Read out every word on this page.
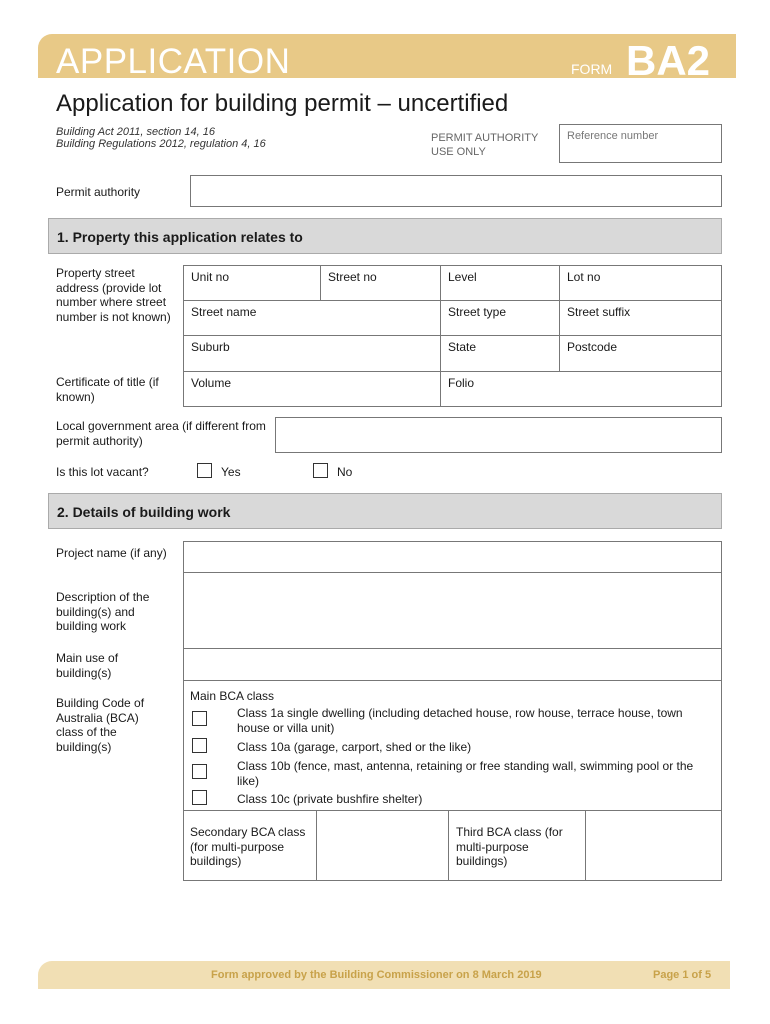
APPLICATION	FORM BA2
Application for building permit – uncertified
Building Act 2011, section 14, 16
Building Regulations 2012, regulation 4, 16	PERMIT AUTHORITY USE ONLY
Reference number
Permit authority
1. Property this application relates to
Property street address (provide lot number where street number is not known)
Unit no	Street no	Level	Lot no
Street name	Street type	Street suffix
Suburb	State	Postcode
Certificate of title (if known)
Volume	Folio
Local government area (if different from permit authority)
Is this lot vacant?	Yes	No
2. Details of building work
Project name (if any)
Description of the building(s) and building work
Main use of building(s)
Building Code of Australia (BCA) class of the building(s)
Main BCA class
Class 1a single dwelling (including detached house, row house, terrace house, town house or villa unit)
Class 10a (garage, carport, shed or the like)
Class 10b (fence, mast, antenna, retaining or free standing wall, swimming pool or the like)
Class 10c (private bushfire shelter)
Secondary BCA class (for multi-purpose buildings)
Third BCA class (for multi-purpose buildings)
Form approved by the Building Commissioner on 8 March 2019	Page 1 of 5
